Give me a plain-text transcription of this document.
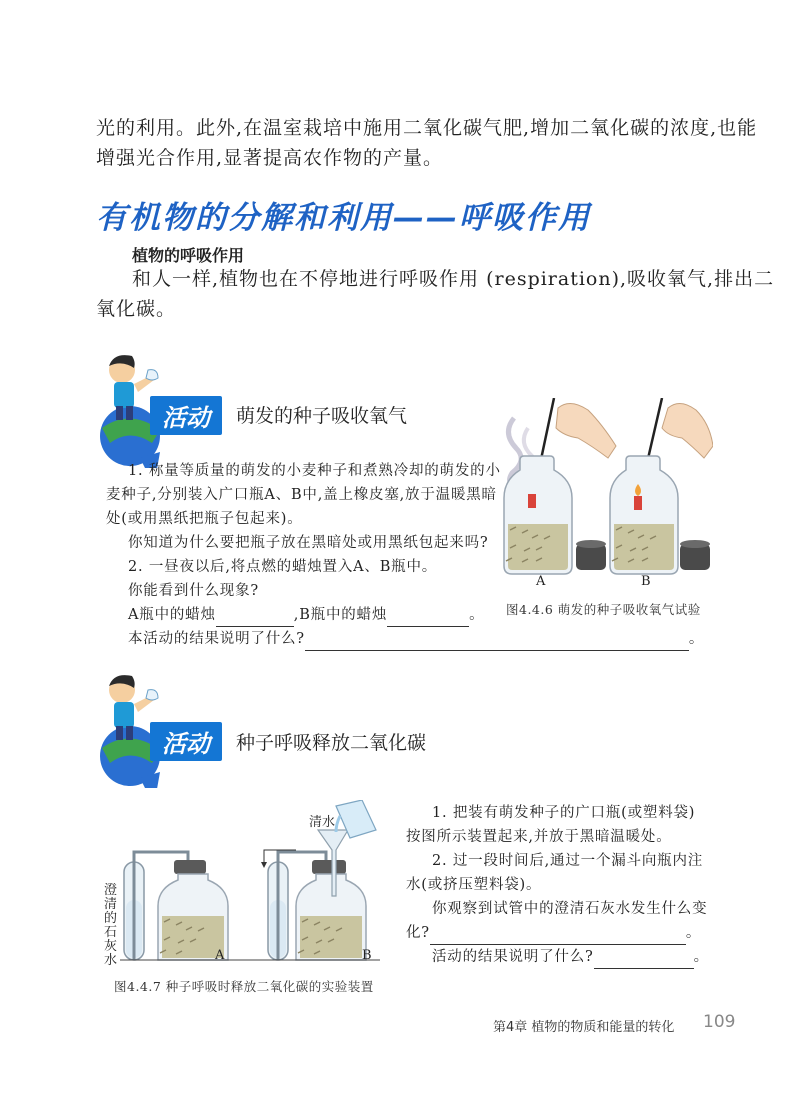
光的利用。此外,在温室栽培中施用二氧化碳气肥,增加二氧化碳的浓度,也能
增强光合作用,显著提高农作物的产量。
有机物的分解和利用——呼吸作用
植物的呼吸作用
和人一样,植物也在不停地进行呼吸作用 (respiration),吸收氧气,排出二
氧化碳。
活动	萌发的种子吸收氧气
1. 称量等质量的萌发的小麦种子和煮熟冷却的萌发的小
麦种子,分别装入广口瓶A、B中,盖上橡皮塞,放于温暖黑暗
处(或用黑纸把瓶子包起来)。
你知道为什么要把瓶子放在黑暗处或用黑纸包起来吗?
2. 一昼夜以后,将点燃的蜡烛置入A、B瓶中。
你能看到什么现象?
A瓶中的蜡烛	,B瓶中的蜡烛	。
本活动的结果说明了什么?	。
A	B
图4.4.6 萌发的种子吸收氧气试验
活动	种子呼吸释放二氧化碳
清水
澄
清
的
石
灰
水	A	B
图4.4.7 种子呼吸时释放二氧化碳的实验装置
1. 把装有萌发种子的广口瓶(或塑料袋)
按图所示装置起来,并放于黑暗温暖处。
2. 过一段时间后,通过一个漏斗向瓶内注
水(或挤压塑料袋)。
你观察到试管中的澄清石灰水发生什么变
化?	。
活动的结果说明了什么?	。
第4章 植物的物质和能量的转化 109
